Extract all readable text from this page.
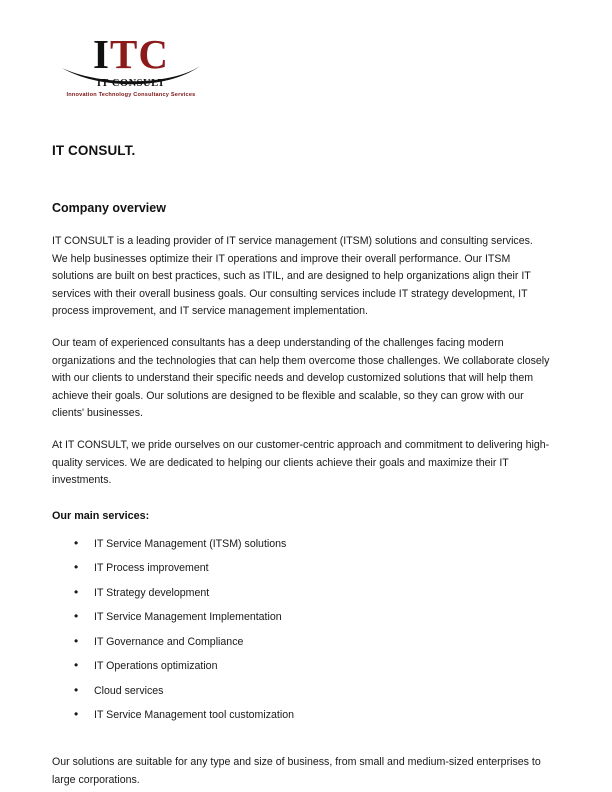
ITC
IT CONSULT
Innovation Technology Consultancy Services
IT CONSULT.
Company overview

IT CONSULT is a leading provider of IT service management (ITSM) solutions and consulting services. We help businesses optimize their IT operations and improve their overall performance. Our ITSM solutions are built on best practices, such as ITIL, and are designed to help organizations align their IT services with their overall business goals. Our consulting services include IT strategy development, IT process improvement, and IT service management implementation.

Our team of experienced consultants has a deep understanding of the challenges facing modern organizations and the technologies that can help them overcome those challenges. We collaborate closely with our clients to understand their specific needs and develop customized solutions that will help them achieve their goals. Our solutions are designed to be flexible and scalable, so they can grow with our clients' businesses.

At IT CONSULT, we pride ourselves on our customer-centric approach and commitment to delivering high-quality services. We are dedicated to helping our clients achieve their goals and maximize their IT investments.

Our main services:
• IT Service Management (ITSM) solutions
• IT Process improvement
• IT Strategy development
• IT Service Management Implementation
• IT Governance and Compliance
• IT Operations optimization
• Cloud services
• IT Service Management tool customization

Our solutions are suitable for any type and size of business, from small and medium-sized enterprises to large corporations.
